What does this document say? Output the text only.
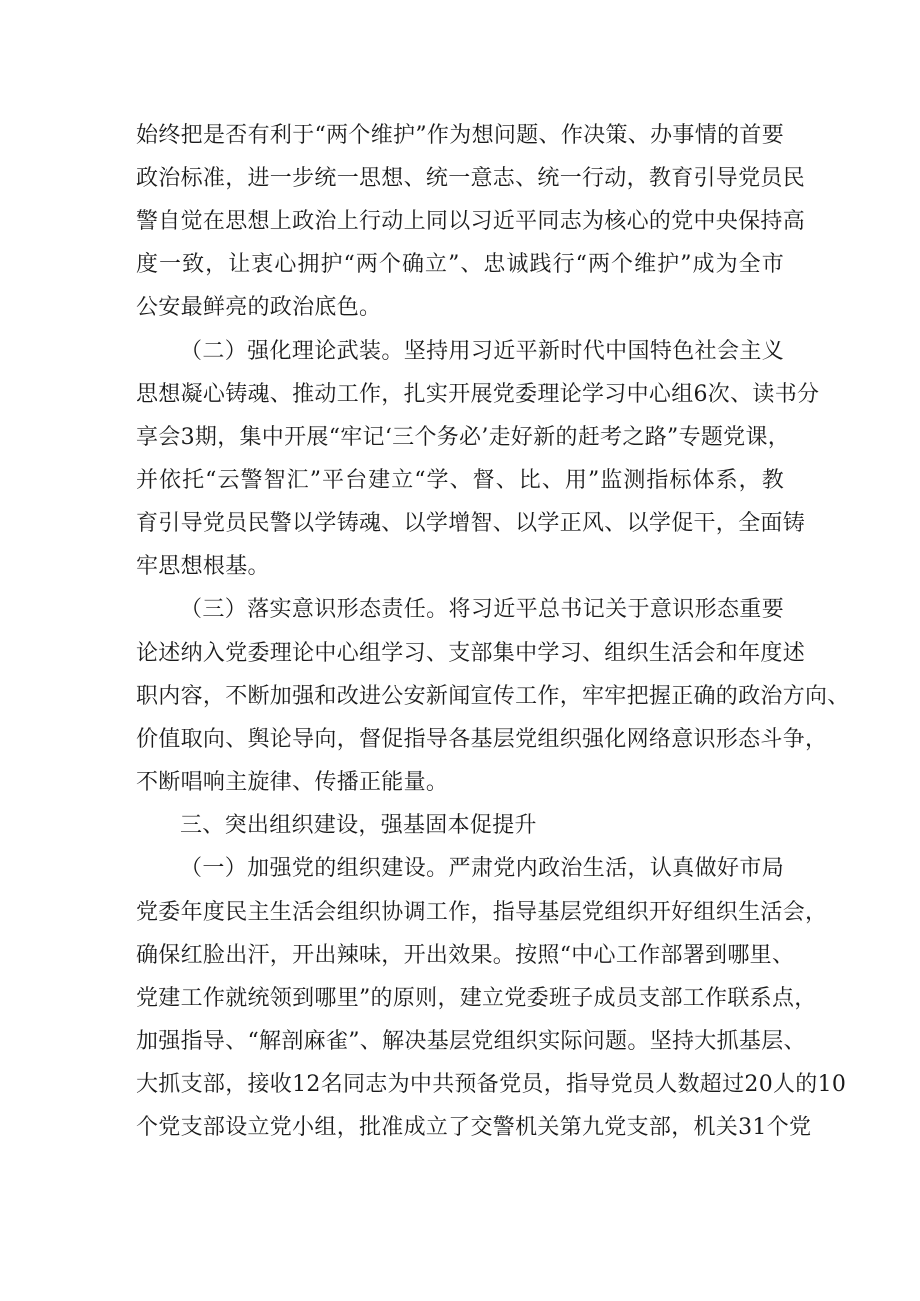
始终把是否有利于“两个维护”作为想问题、作决策、办事情的首要
政治标准，进一步统一思想、统一意志、统一行动，教育引导党员民
警自觉在思想上政治上行动上同以习近平同志为核心的党中央保持高
度一致，让衷心拥护“两个确立”、忠诚践行“两个维护”成为全市
公安最鲜亮的政治底色。
（二）强化理论武装。坚持用习近平新时代中国特色社会主义
思想凝心铸魂、推动工作，扎实开展党委理论学习中心组6次、读书分
享会3期，集中开展“牢记‘三个务必’走好新的赶考之路”专题党课，
并依托“云警智汇”平台建立“学、督、比、用”监测指标体系，教
育引导党员民警以学铸魂、以学增智、以学正风、以学促干，全面铸
牢思想根基。
（三）落实意识形态责任。将习近平总书记关于意识形态重要
论述纳入党委理论中心组学习、支部集中学习、组织生活会和年度述
职内容，不断加强和改进公安新闻宣传工作，牢牢把握正确的政治方向、
价值取向、舆论导向，督促指导各基层党组织强化网络意识形态斗争，
不断唱响主旋律、传播正能量。
三、突出组织建设，强基固本促提升
（一）加强党的组织建设。严肃党内政治生活，认真做好市局
党委年度民主生活会组织协调工作，指导基层党组织开好组织生活会，
确保红脸出汗，开出辣味，开出效果。按照“中心工作部署到哪里、
党建工作就统领到哪里”的原则，建立党委班子成员支部工作联系点，
加强指导、“解剖麻雀”、解决基层党组织实际问题。坚持大抓基层、
大抓支部，接收12名同志为中共预备党员，指导党员人数超过20人的10
个党支部设立党小组，批准成立了交警机关第九党支部，机关31个党
